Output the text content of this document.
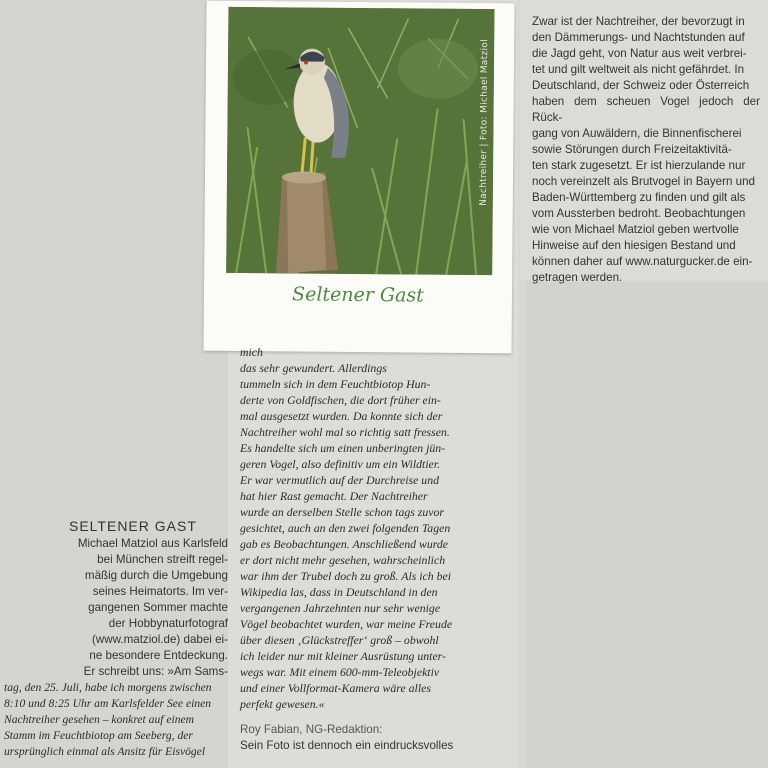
Nachtreiher | Foto: Michael Matziol
Seltener Gast
Zwar ist der Nachtreiher, der bevorzugt in
den Dämmerungs- und Nachtstunden auf
die Jagd geht, von Natur aus weit verbrei-
tet und gilt weltweit als nicht gefährdet. In
Deutschland, der Schweiz oder Österreich
haben dem scheuen Vogel jedoch der Rück-
gang von Auwäldern, die Binnenfischerei
sowie Störungen durch Freizeitaktivitä-
ten stark zugesetzt. Er ist hierzulande nur
noch vereinzelt als Brutvogel in Bayern und
Baden-Württemberg zu finden und gilt als
vom Aussterben bedroht. Beobachtungen
wie von Michael Matziol geben wertvolle
Hinweise auf den hiesigen Bestand und
können daher auf www.naturgucker.de ein-
getragen werden.

mich

das sehr gewundert. Allerdings

tummeln sich in dem Feuchtbiotop Hun-

derte von Goldfischen, die dort früher ein-

mal ausgesetzt wurden. Da konnte sich der

Nachtreiher wohl mal so richtig satt fressen.

Es handelte sich um einen unberingten jün-

geren Vogel, also definitiv um ein Wildtier.

Er war vermutlich auf der Durchreise und

hat hier Rast gemacht. Der Nachtreiher

wurde an derselben Stelle schon tags zuvor

gesichtet, auch an den zwei folgenden Tagen

gab es Beobachtungen. Anschließend wurde

er dort nicht mehr gesehen, wahrscheinlich

war ihm der Trubel doch zu groß. Als ich bei

Wikipedia las, dass in Deutschland in den

vergangenen Jahrzehnten nur sehr wenige

Vögel beobachtet wurden, war meine Freude

über diesen ‚Glückstreffer‘ groß – obwohl

ich leider nur mit kleiner Ausrüstung unter-

wegs war. Mit einem 600-mm-Teleobjektiv

und einer Vollformat-Kamera wäre alles

perfekt gewesen.«

Roy Fabian, NG-Redaktion:

Sein Foto ist dennoch ein eindrucksvolles

SELTENER GAST

Michael Matziol aus Karlsfeld

bei München streift regel-

mäßig durch die Umgebung

seines Heimatorts. Im ver-

gangenen Sommer machte

der Hobbynaturfotograf

(www.matziol.de) dabei ei-

ne besondere Entdeckung.

Er schreibt uns: »Am Sams-

tag, den 25. Juli, habe ich morgens zwischen

8:10 und 8:25 Uhr am Karlsfelder See einen

Nachtreiher gesehen – konkret auf einem

Stamm im Feuchtbiotop am Seeberg, der

ursprünglich einmal als Ansitz für Eisvögel
